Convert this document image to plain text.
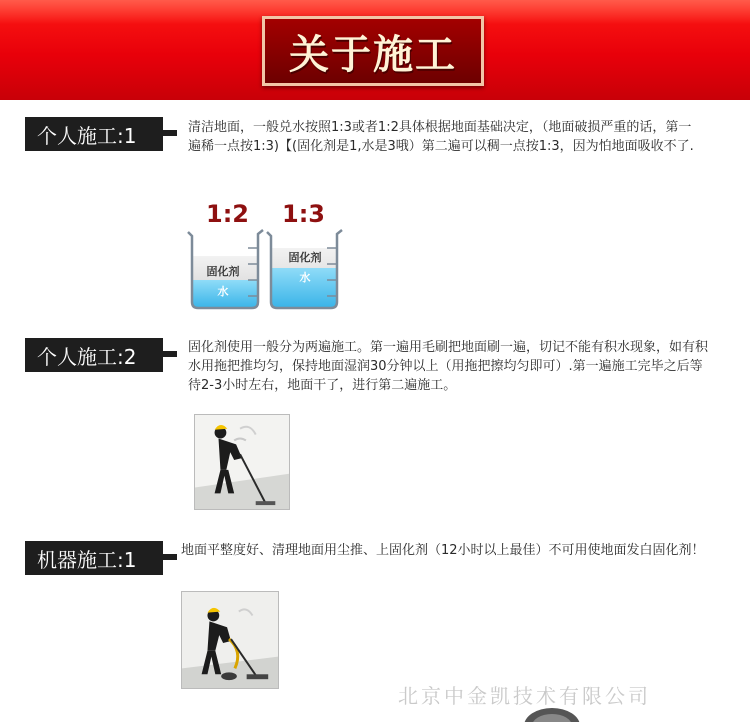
关于施工
个人施工:1	清洁地面，一般兑水按照1:3或者1:2具体根据地面基础决定，（地面破损严重的话，第一遍稀一点按1:3)【(固化剂是1,水是3哦）第二遍可以稠一点按1:3，因为怕地面吸收不了.

1:2 1:3
固化剂
水
固化剂
水
个人施工:2	固化剂使用一般分为两遍施工。第一遍用毛刷把地面刷一遍，切记不能有积水现象，如有积水用拖把推均匀，保持地面湿润30分钟以上（用拖把擦均匀即可）.第一遍施工完毕之后等待2-3小时左右，地面干了，进行第二遍施工。

机器施工:1	地面平整度好、清理地面用尘推、上固化剂（12小时以上最佳）不可用使地面发白固化剂！

北京中金凯技术有限公司
